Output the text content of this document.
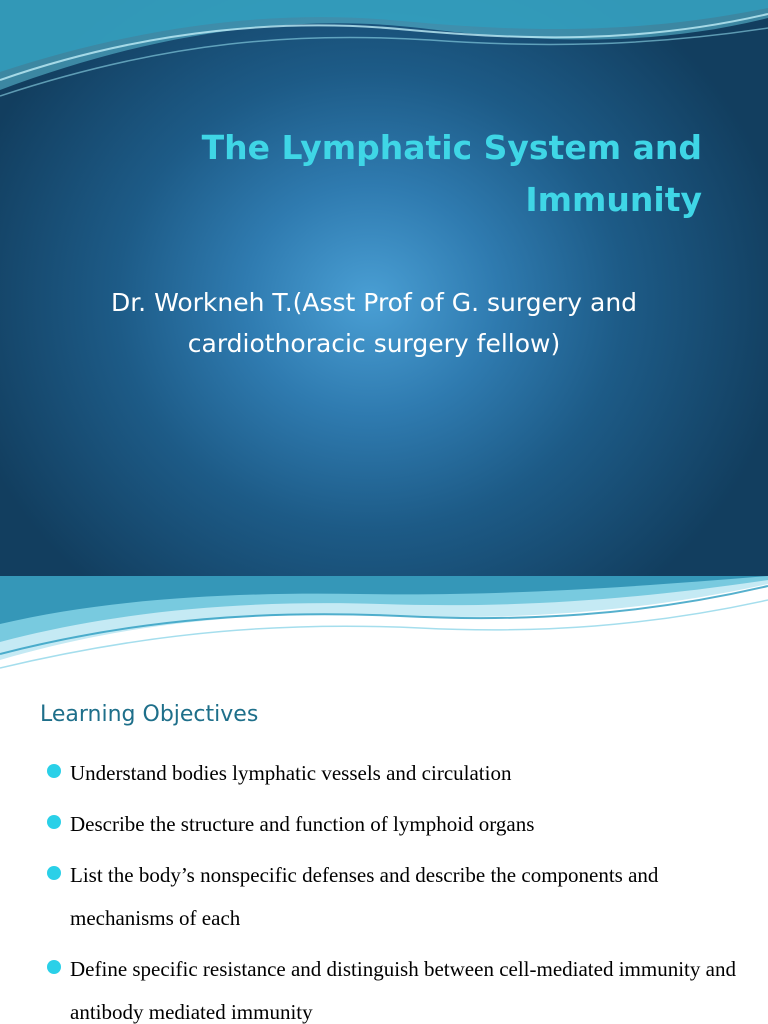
The Lymphatic System and
Immunity

Dr. Workneh T.(Asst Prof of G. surgery and
cardiothoracic surgery fellow)

Learning Objectives
Understand bodies lymphatic vessels and circulation
Describe the structure and function of lymphoid organs
List the body’s nonspecific defenses and describe the components and mechanisms of each
Define specific resistance and distinguish between cell-mediated immunity and antibody mediated immunity
